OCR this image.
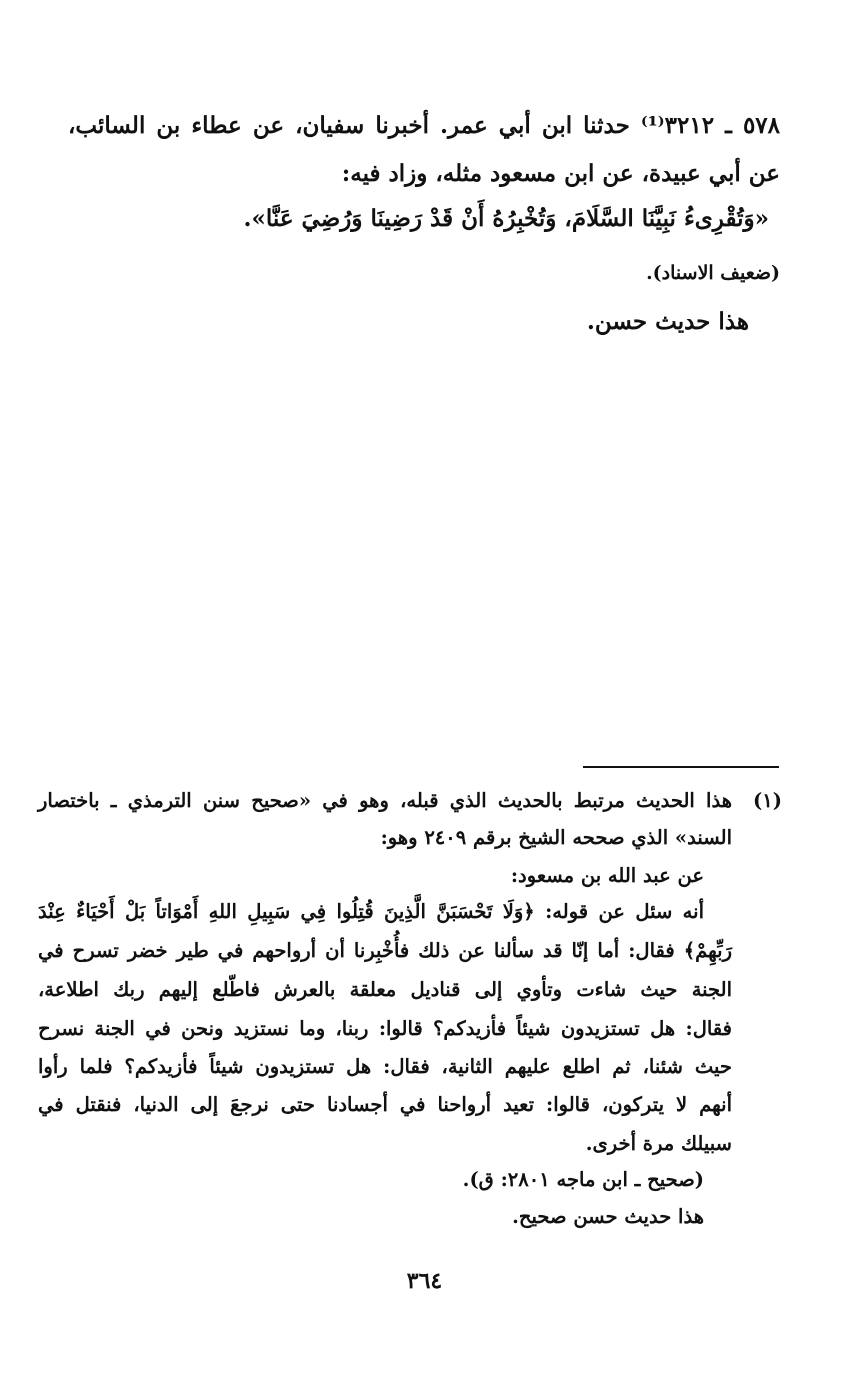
٥٧٨ ـ ٣٢١٢⁽¹⁾ حدثنا ابن أبي عمر. أخبرنا سفيان، عن عطاء بن السائب،
عن أبي عبيدة، عن ابن مسعود مثله، وزاد فيه:
«وَتُقْرِىءُ نَبِيَّنَا السَّلَامَ، وَتُخْبِرُهُ أَنْ قَدْ رَضِينَا وَرُضِيَ عَنَّا».
(ضعيف الاسناد).
هذا حديث حسن.
(١)
هذا الحديث مرتبط بالحديث الذي قبله، وهو في «صحيح سنن الترمذي ـ باختصار
السند» الذي صححه الشيخ برقم ٢٤٠٩ وهو:
عن عبد الله بن مسعود:
أنه سئل عن قوله: ﴿وَلَا تَحْسَبَنَّ الَّذِينَ قُتِلُوا فِي سَبِيلِ اللهِ أَمْوَاتاً بَلْ أَحْيَاءٌ عِنْدَ
رَبِّهِمْ﴾ فقال: أما إنّا قد سألنا عن ذلك فأُخْبِرنا أن أرواحهم في طير خضر تسرح في
الجنة حيث شاءت وتأوي إلى قناديل معلقة بالعرش فاطّلع إليهم ربك اطلاعة،
فقال: هل تستزيدون شيئاً فأزيدكم؟ قالوا: ربنا، وما نستزيد ونحن في الجنة نسرح
حيث شئنا، ثم اطلع عليهم الثانية، فقال: هل تستزيدون شيئاً فأزيدكم؟ فلما رأوا
أنهم لا يتركون، قالوا: تعيد أرواحنا في أجسادنا حتى نرجعَ إلى الدنيا، فنقتل في
سبيلك مرة أخرى.
(صحيح ـ ابن ماجه ٢٨٠١: ق).
هذا حديث حسن صحيح.
٣٦٤
